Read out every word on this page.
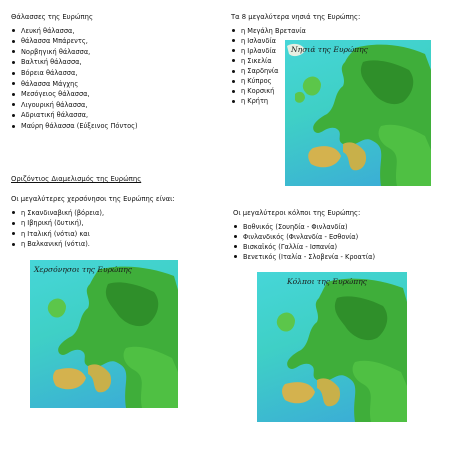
Θάλασσες της Ευρώπης
Λευκή θάλασσα,
θάλασσα Μπάρεντς,
Νορβηγική θάλασσα,
Βαλτική θάλασσα,
Βόρεια θάλασσα,
θάλασσα Μάγχης
Μεσόγειος θάλασσα,
Λιγουρική θάλασσα,
Αδριατική θάλασσα,
Μαύρη θάλασσα (Εύξεινος Πόντος)
Τα 8 μεγαλύτερα νησιά της Ευρώπης:
η Μεγάλη Βρετανία
η Ισλανδία
η Ιρλανδία
η Σικελία
η Σαρδηνία
η Κύπρος
η Κορσική
η Κρήτη
Νησιά της Ευρώπης
Οριζόντιος Διαμελισμός της Ευρώπης
Οι μεγαλύτερες χερσόνησοι της Ευρώπης είναι:
η Σκανδιναβική (βόρεια),
η Ιβηρική (δυτική),
η Ιταλική (νότια) και
η Βαλκανική (νότια).
Χερσόνησοι της Ευρώπης
Οι μεγαλύτεροι κόλποι της Ευρώπης:
Βοθνικός (Σουηδία - Φινλανδία)
Φινλανδικός (Φινλανδία - Εσθονία)
Βισκαϊκός (Γαλλία - Ισπανία)
Βενετικός (Ιταλία - Σλοβενία - Κροατία)
Κόλποι της Ευρώπης
